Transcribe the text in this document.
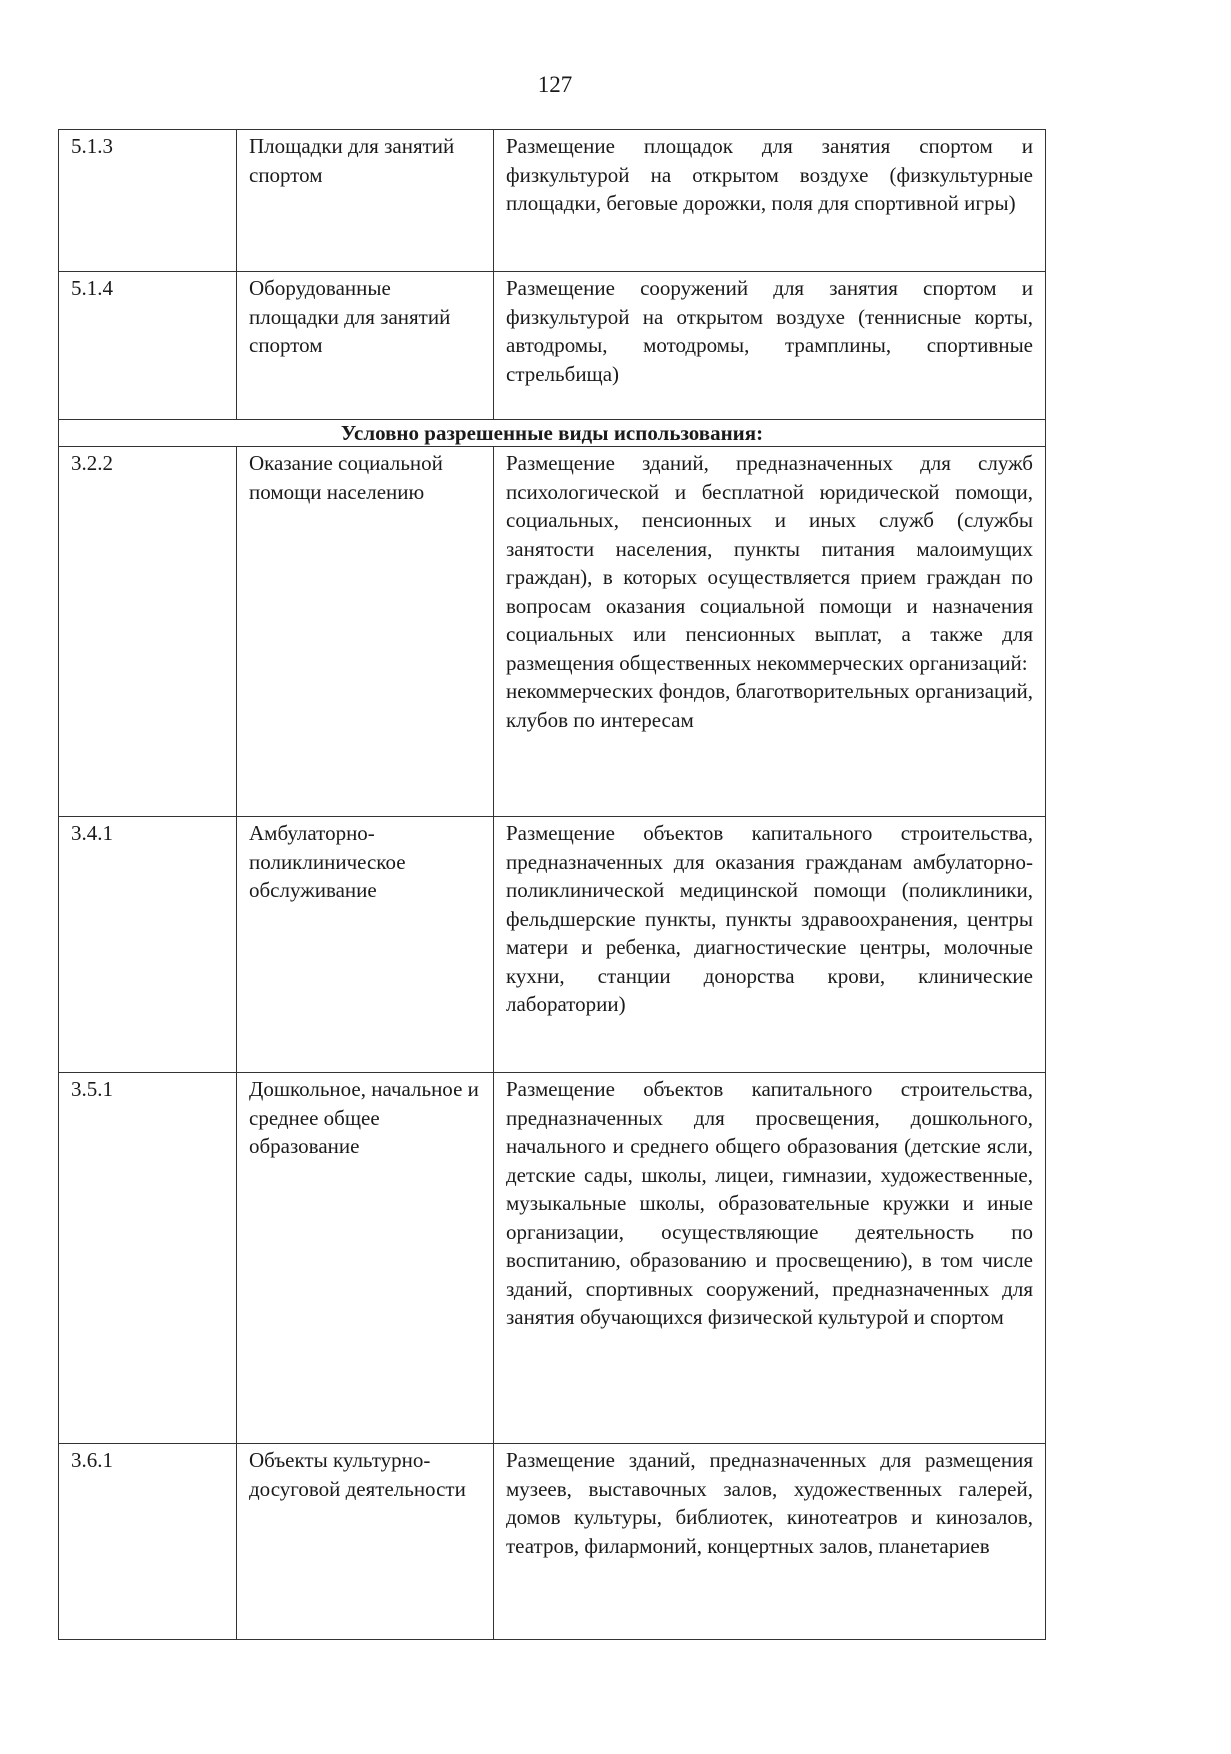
127
5.1.3	Площадки для занятий спортом	Размещение площадок для занятия спортом и физкультурой на открытом воздухе (физкультурные площадки, беговые дорожки, поля для спортивной игры)
5.1.4	Оборудованные площадки для занятий спортом	Размещение сооружений для занятия спортом и физкультурой на открытом воздухе (теннисные корты, автодромы, мотодромы, трамплины, спортивные стрельбища)
Условно разрешенные виды использования:		
3.2.2	Оказание социальной помощи населению	Размещение зданий, предназначенных для служб психологической и бесплатной юридической помощи, социальных, пенсионных и иных служб (службы занятости населения, пункты питания малоимущих граждан), в которых осуществляется прием граждан по вопросам оказания социальной помощи и назначения социальных или пенсионных выплат, а также для размещения общественных некоммерческих организаций:
некоммерческих фондов, благотворительных организаций, клубов по интересам

3.4.1	Амбулаторно-поликлиническое обслуживание	Размещение объектов капитального строительства, предназначенных для оказания гражданам амбулаторно-поликлинической медицинской помощи (поликлиники, фельдшерские пункты, пункты здравоохранения, центры матери и ребенка, диагностические центры, молочные кухни, станции донорства крови, клинические лаборатории)
3.5.1	Дошкольное, начальное и среднее общее образование	Размещение объектов капитального строительства, предназначенных для просвещения, дошкольного, начального и среднего общего образования (детские ясли, детские сады, школы, лицеи, гимназии, художественные, музыкальные школы, образовательные кружки и иные организации, осуществляющие деятельность по воспитанию, образованию и просвещению), в том числе зданий, спортивных сооружений, предназначенных для занятия обучающихся физической культурой и спортом
3.6.1	Объекты культурно-досуговой деятельности	Размещение зданий, предназначенных для размещения музеев, выставочных залов, художественных галерей, домов культуры, библиотек, кинотеатров и кинозалов, театров, филармоний, концертных залов, планетариев
